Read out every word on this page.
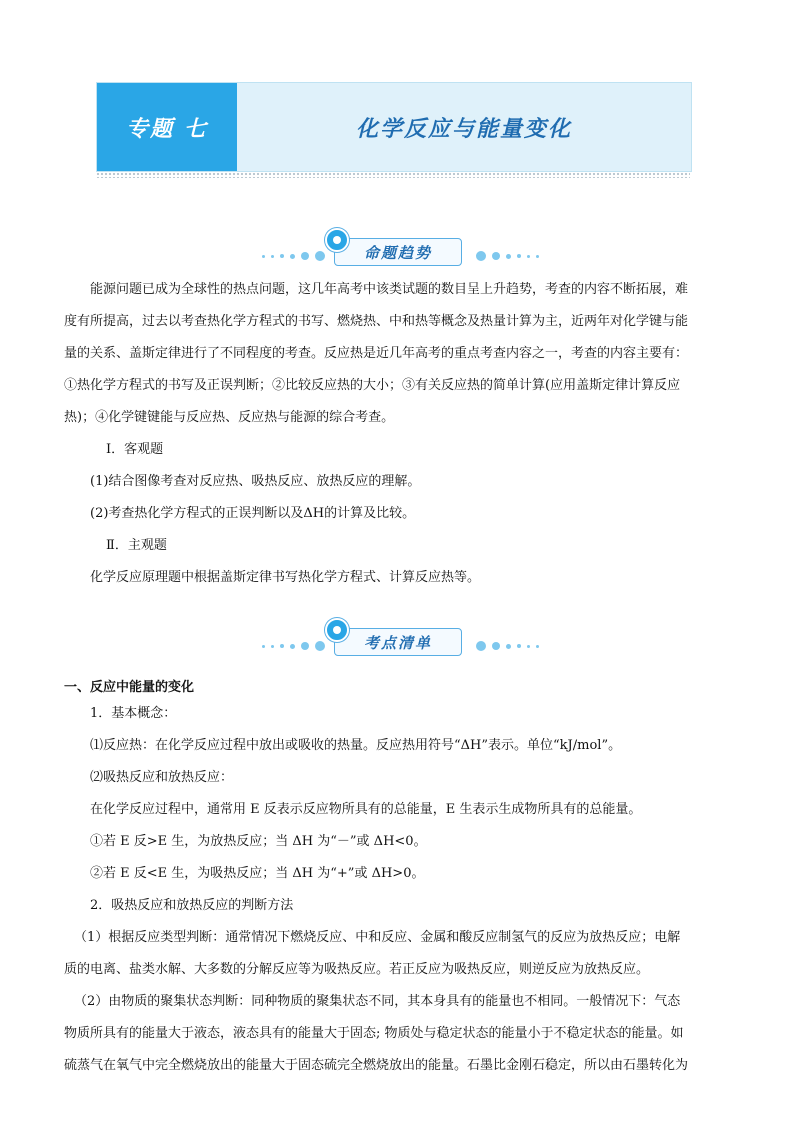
专题 七	化学反应与能量变化
命题趋势

能源问题已成为全球性的热点问题，这几年高考中该类试题的数目呈上升趋势，考查的内容不断拓展，难

度有所提高，过去以考查热化学方程式的书写、燃烧热、中和热等概念及热量计算为主，近两年对化学键与能

量的关系、盖斯定律进行了不同程度的考查。反应热是近几年高考的重点考查内容之一，考查的内容主要有：

①热化学方程式的书写及正误判断；②比较反应热的大小；③有关反应热的简单计算(应用盖斯定律计算反应

热)；④化学键键能与反应热、反应热与能源的综合考查。

Ⅰ．客观题

(1)结合图像考查对反应热、吸热反应、放热反应的理解。

(2)考查热化学方程式的正误判断以及ΔH的计算及比较。

Ⅱ．主观题

化学反应原理题中根据盖斯定律书写热化学方程式、计算反应热等。

考点清单

一、反应中能量的变化

1．基本概念：

⑴反应热：在化学反应过程中放出或吸收的热量。反应热用符号“ΔH”表示。单位“kJ/mol”。

⑵吸热反应和放热反应：

在化学反应过程中，通常用 E 反表示反应物所具有的总能量，E 生表示生成物所具有的总能量。

①若 E 反>E 生，为放热反应；当 ΔH 为“－”或 ΔH<0。

②若 E 反<E 生，为吸热反应；当 ΔH 为“+”或 ΔH>0。

2．吸热反应和放热反应的判断方法

（1）根据反应类型判断：通常情况下燃烧反应、中和反应、金属和酸反应制氢气的反应为放热反应；电解

质的电离、盐类水解、大多数的分解反应等为吸热反应。若正反应为吸热反应，则逆反应为放热反应。

（2）由物质的聚集状态判断：同种物质的聚集状态不同，其本身具有的能量也不相同。一般情况下：气态

物质所具有的能量大于液态，液态具有的能量大于固态; 物质处与稳定状态的能量小于不稳定状态的能量。如

硫蒸气在氧气中完全燃烧放出的能量大于固态硫完全燃烧放出的能量。石墨比金刚石稳定，所以由石墨转化为
